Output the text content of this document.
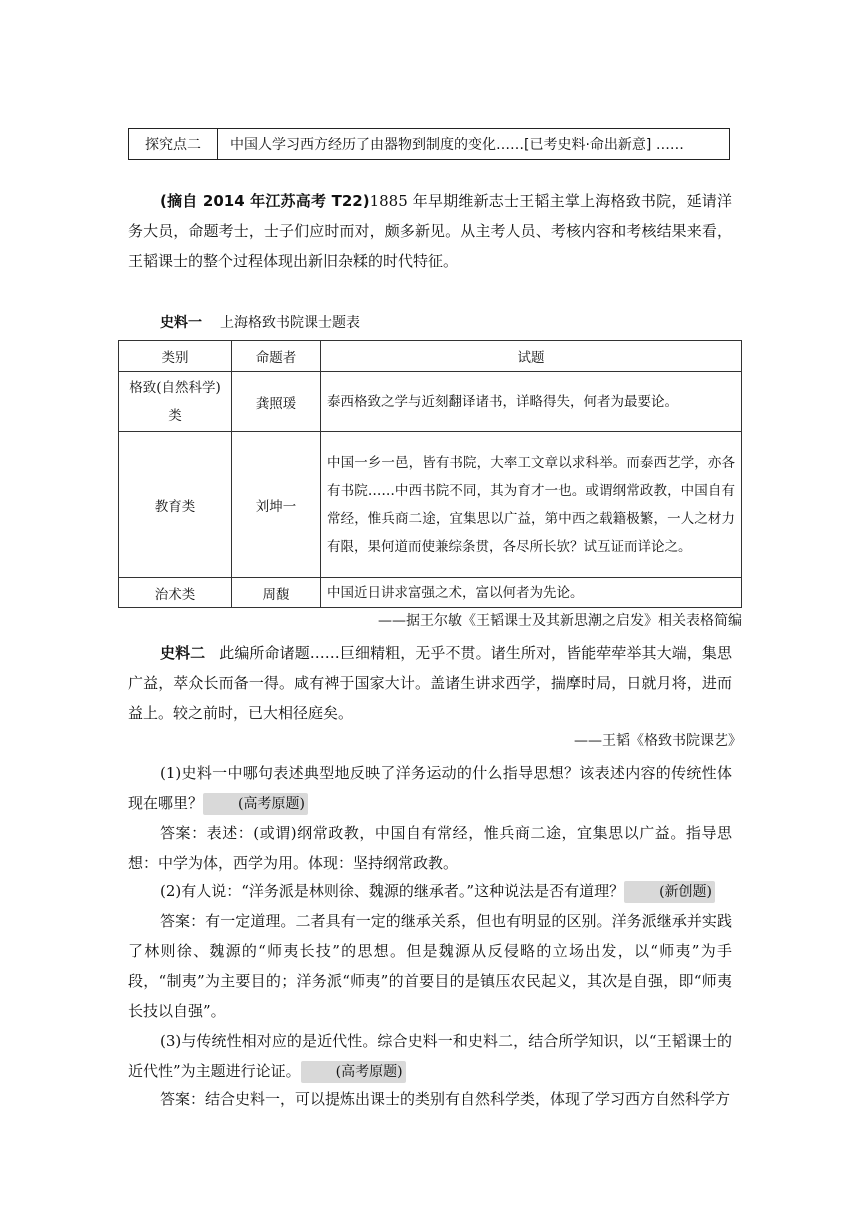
探究点二	中国人学习西方经历了由器物到制度的变化……[已考史料·命出新意] ……

(摘自 2014 年江苏高考 T22)1885 年早期维新志士王韬主掌上海格致书院，延请洋务大员，命题考士，士子们应时而对，颇多新见。从主考人员、考核内容和考核结果来看，王韬课士的整个过程体现出新旧杂糅的时代特征。

史料一 上海格致书院课士题表
类别	命题者	试题
格致(自然科学)类	龚照瑗	泰西格致之学与近刻翻译诸书，详略得失，何者为最要论。
教育类	刘坤一	中国一乡一邑，皆有书院，大率工文章以求科举。而泰西艺学，亦各有书院……中西书院不同，其为育才一也。或谓纲常政教，中国自有常经，惟兵商二途，宜集思以广益，第中西之载籍极繁，一人之材力有限，果何道而使兼综条贯，各尽所长欤？试互证而详论之。
治术类	周馥	中国近日讲求富强之术，富以何者为先论。
——据王尔敏《王韬课士及其新思潮之启发》相关表格简编

史料二 此编所命诸题……巨细精粗，无乎不贯。诸生所对，皆能荦荦举其大端，集思广益，萃众长而备一得。咸有裨于国家大计。盖诸生讲求西学，揣摩时局，日就月将，进而益上。较之前时，已大相径庭矣。

——王韬《格致书院课艺》

(1)史料一中哪句表述典型地反映了洋务运动的什么指导思想？该表述内容的传统性体现在哪里？	(高考原题)

答案：表述：(或谓)纲常政教，中国自有常经，惟兵商二途，宜集思以广益。指导思想：中学为体，西学为用。体现：坚持纲常政教。

(2)有人说：“洋务派是林则徐、魏源的继承者。”这种说法是否有道理？	(新创题)

答案：有一定道理。二者具有一定的继承关系，但也有明显的区别。洋务派继承并实践了林则徐、魏源的“师夷长技”的思想。但是魏源从反侵略的立场出发，以“师夷”为手段，“制夷”为主要目的；洋务派“师夷”的首要目的是镇压农民起义，其次是自强，即“师夷长技以自强”。

(3)与传统性相对应的是近代性。综合史料一和史料二，结合所学知识，以“王韬课士的近代性”为主题进行论证。	(高考原题)

答案：结合史料一，可以提炼出课士的类别有自然科学类，体现了学习西方自然科学方
